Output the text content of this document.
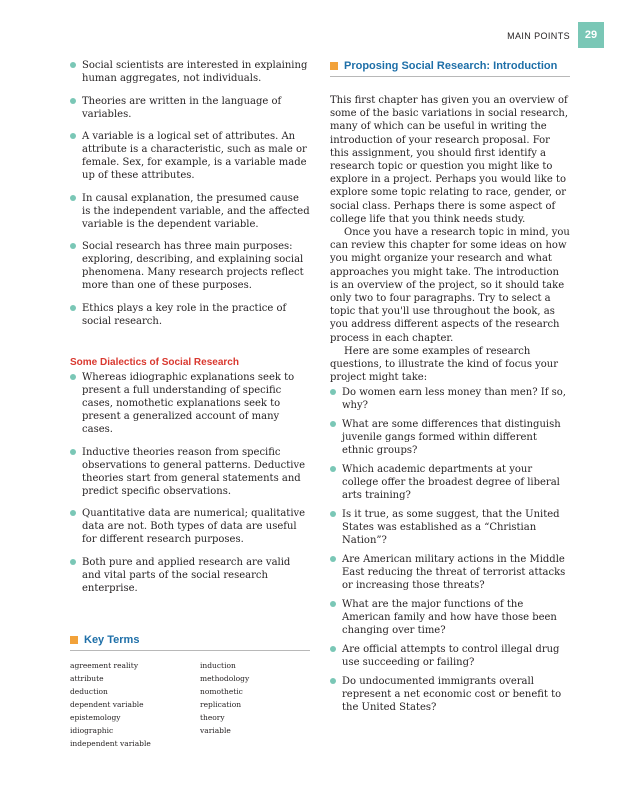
MAIN POINTS	29
Social scientists are interested in explaining human aggregates, not individuals.
Theories are written in the language of variables.
A variable is a logical set of attributes. An attribute is a characteristic, such as male or female. Sex, for example, is a variable made up of these attributes.
In causal explanation, the presumed cause is the independent variable, and the affected variable is the dependent variable.
Social research has three main purposes: exploring, describing, and explaining social phenomena. Many research projects reflect more than one of these purposes.
Ethics plays a key role in the practice of social research.
Some Dialectics of Social Research
Whereas idiographic explanations seek to present a full understanding of specific cases, nomothetic explanations seek to present a generalized account of many cases.
Inductive theories reason from specific observations to general patterns. Deductive theories start from general statements and predict specific observations.
Quantitative data are numerical; qualitative data are not. Both types of data are useful for different research purposes.
Both pure and applied research are valid and vital parts of the social research enterprise.
Key Terms
agreement reality	induction
attribute	methodology
deduction	nomothetic
dependent variable	replication
epistemology	theory
idiographic	variable
independent variable
Proposing Social Research: Introduction

This first chapter has given you an overview of some of the basic variations in social research, many of which can be useful in writing the introduction of your research proposal. For this assignment, you should first identify a research topic or question you might like to explore in a project. Perhaps you would like to explore some topic relating to race, gender, or social class. Perhaps there is some aspect of college life that you think needs study.

Once you have a research topic in mind, you can review this chapter for some ideas on how you might organize your research and what approaches you might take. The introduction is an overview of the project, so it should take only two to four paragraphs. Try to select a topic that you'll use throughout the book, as you address different aspects of the research process in each chapter.

Here are some examples of research questions, to illustrate the kind of focus your project might take:

Do women earn less money than men? If so, why?
What are some differences that distinguish juvenile gangs formed within different ethnic groups?
Which academic departments at your college offer the broadest degree of liberal arts training?
Is it true, as some suggest, that the United States was established as a “Christian Nation”?
Are American military actions in the Middle East reducing the threat of terrorist attacks or increasing those threats?
What are the major functions of the American family and how have those been changing over time?
Are official attempts to control illegal drug use succeeding or failing?
Do undocumented immigrants overall represent a net economic cost or benefit to the United States?
